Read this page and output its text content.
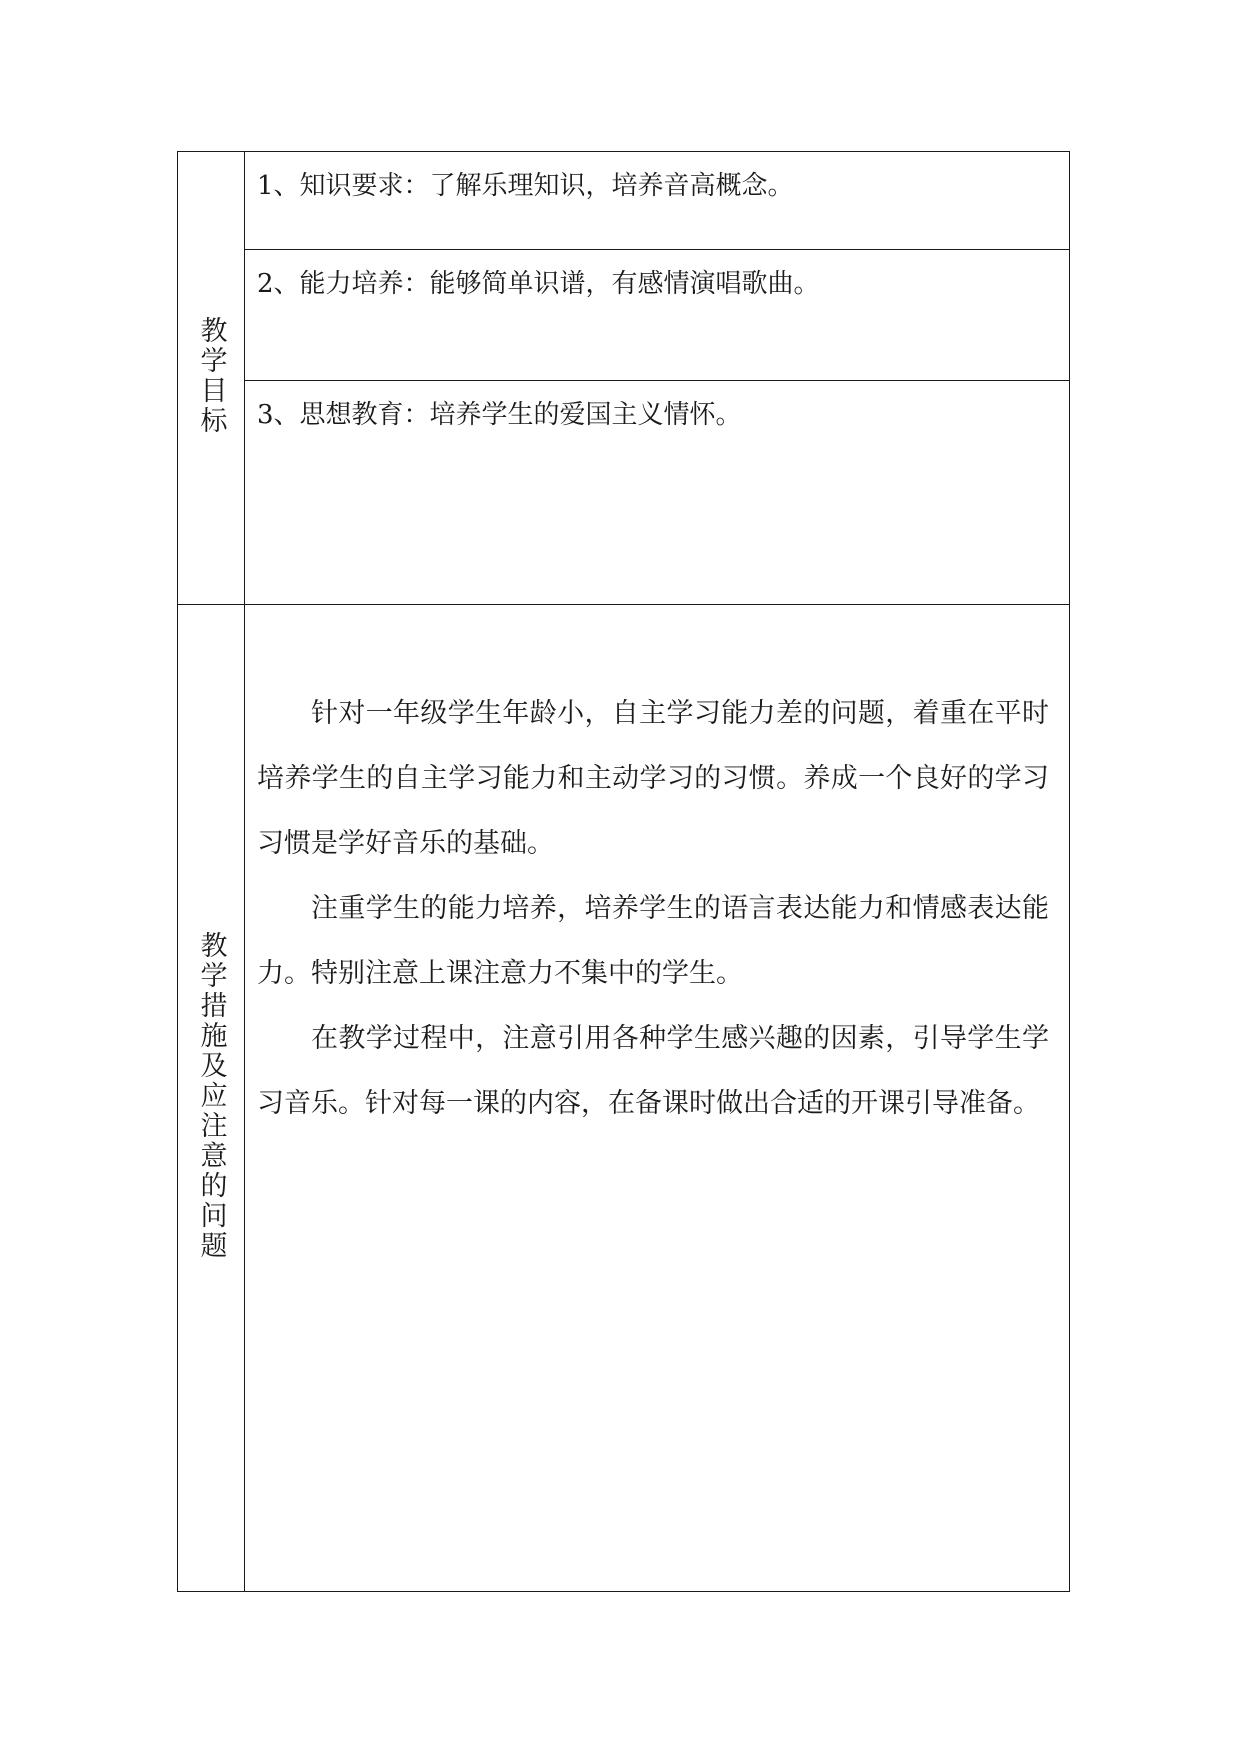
教学目标	1、知识要求：了解乐理知识，培养音高概念。

	2、能力培养：能够简单识谱，有感情演唱歌曲。

	3、思想教育：培养学生的爱国主义情怀。

教学措施及应注意的问题	针对一年级学生年龄小，自主学习能力差的问题，着重在平时培养学生的自主学习能力和主动学习的习惯。养成一个良好的学习习惯是学好音乐的基础。

注重学生的能力培养，培养学生的语言表达能力和情感表达能力。特别注意上课注意力不集中的学生。

在教学过程中，注意引用各种学生感兴趣的因素，引导学生学习音乐。针对每一课的内容，在备课时做出合适的开课引导准备。
